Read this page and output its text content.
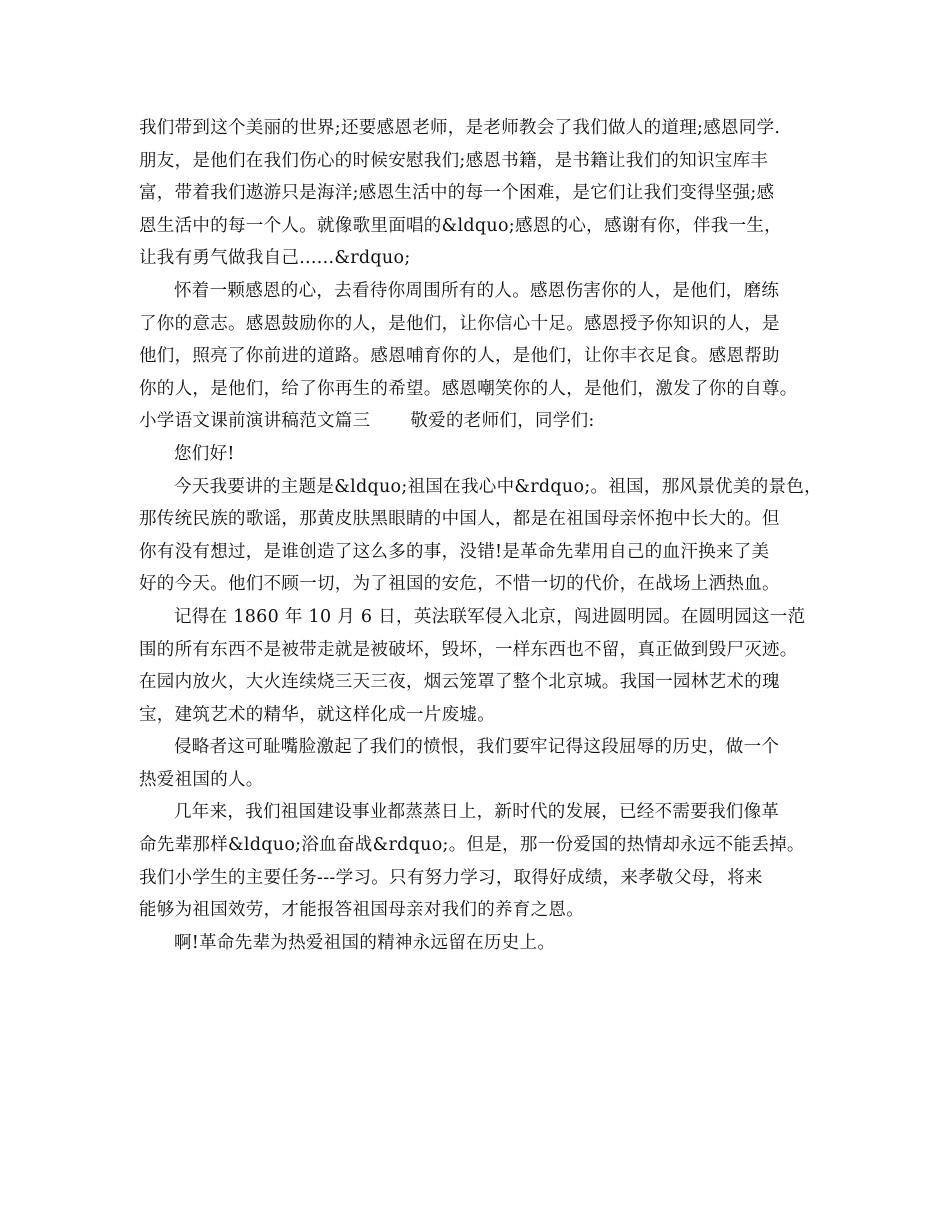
我们带到这个美丽的世界;还要感恩老师，是老师教会了我们做人的道理;感恩同学.
朋友，是他们在我们伤心的时候安慰我们;感恩书籍，是书籍让我们的知识宝库丰
富，带着我们遨游只是海洋;感恩生活中的每一个困难，是它们让我们变得坚强;感
恩生活中的每一个人。就像歌里面唱的&ldquo;感恩的心，感谢有你，伴我一生，
让我有勇气做我自己......&rdquo;
怀着一颗感恩的心，去看待你周围所有的人。感恩伤害你的人，是他们，磨练
了你的意志。感恩鼓励你的人，是他们，让你信心十足。感恩授予你知识的人，是
他们，照亮了你前进的道路。感恩哺育你的人，是他们，让你丰衣足食。感恩帮助
你的人，是他们，给了你再生的希望。感恩嘲笑你的人，是他们，激发了你的自尊。
小学语文课前演讲稿范文篇三 敬爱的老师们，同学们:
您们好!
今天我要讲的主题是&ldquo;祖国在我心中&rdquo;。祖国，那风景优美的景色，
那传统民族的歌谣，那黄皮肤黑眼睛的中国人，都是在祖国母亲怀抱中长大的。但
你有没有想过，是谁创造了这么多的事，没错!是革命先辈用自己的血汗换来了美
好的今天。他们不顾一切，为了祖国的安危，不惜一切的代价，在战场上洒热血。
记得在 1860 年 10 月 6 日，英法联军侵入北京，闯进圆明园。在圆明园这一范
围的所有东西不是被带走就是被破坏，毁坏，一样东西也不留，真正做到毁尸灭迹。
在园内放火，大火连续烧三天三夜，烟云笼罩了整个北京城。我国一园林艺术的瑰
宝，建筑艺术的精华，就这样化成一片废墟。
侵略者这可耻嘴脸激起了我们的愤恨，我们要牢记得这段屈辱的历史，做一个
热爱祖国的人。
几年来，我们祖国建设事业都蒸蒸日上，新时代的发展，已经不需要我们像革
命先辈那样&ldquo;浴血奋战&rdquo;。但是，那一份爱国的热情却永远不能丢掉。
我们小学生的主要任务---学习。只有努力学习，取得好成绩，来孝敬父母，将来
能够为祖国效劳，才能报答祖国母亲对我们的养育之恩。
啊!革命先辈为热爱祖国的精神永远留在历史上。
